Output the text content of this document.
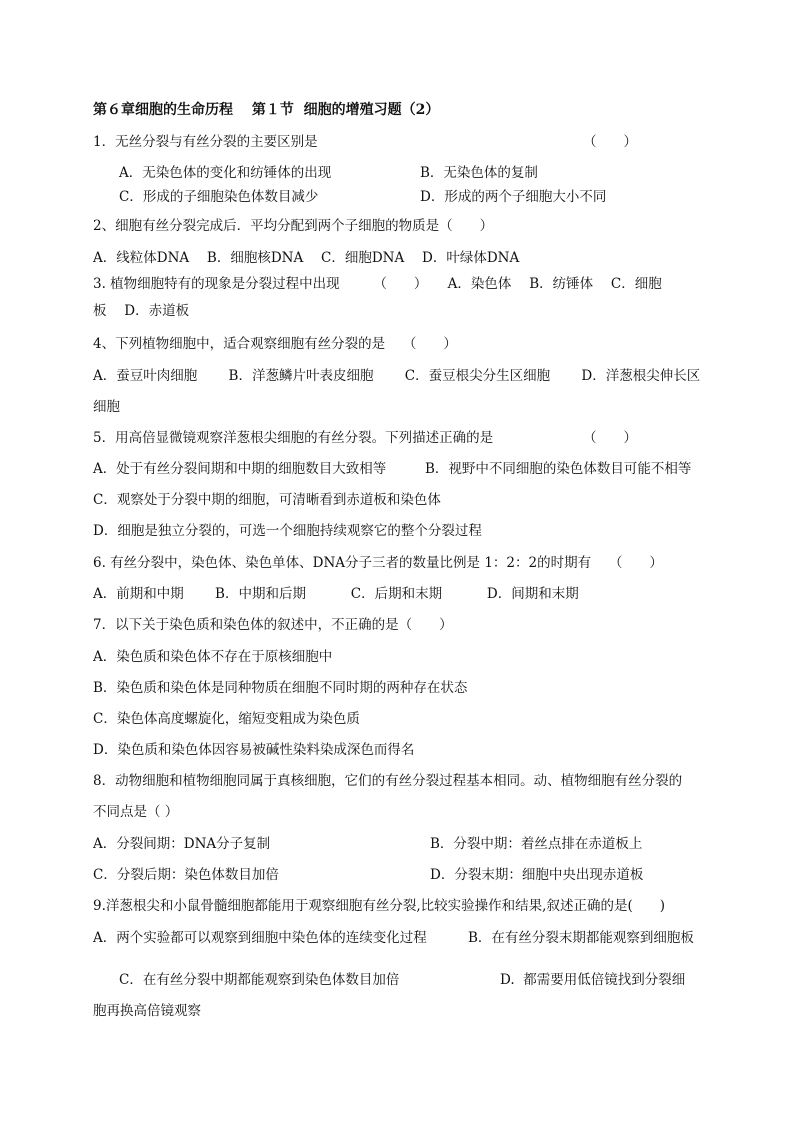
第６章细胞的生命历程　 第１节  细胞的增殖习题（2）
1．无丝分裂与有丝分裂的主要区别是	（　　）
A．无染色体的变化和纺锤体的出现	B．无染色体的复制
C．形成的子细胞染色体数目减少	D．形成的两个子细胞大小不同
2、细胞有丝分裂完成后．平均分配到两个子细胞的物质是（　　）
A．线粒体DNA　 B．细胞核DNA　 C．细胞DNA　 D．叶绿体DNA
3. 植物细胞特有的现象是分裂过程中出现　　　（　　）　　A．染色体　 B．纺锤体　 C．细胞
板　 D．赤道板
4、下列植物细胞中，适合观察细胞有丝分裂的是　 （　　）
A．蚕豆叶肉细胞　　 B．洋葱鳞片叶表皮细胞　　 C．蚕豆根尖分生区细胞　　 D．洋葱根尖伸长区
细胞
5．用高倍显微镜观察洋葱根尖细胞的有丝分裂。下列描述正确的是	（　　）
A．处于有丝分裂间期和中期的细胞数目大致相等	B．视野中不同细胞的染色体数目可能不相等
C．观察处于分裂中期的细胞，可清晰看到赤道板和染色体
D．细胞是独立分裂的，可选一个细胞持续观察它的整个分裂过程
6. 有丝分裂中，染色体、染色单体、DNA分子三者的数量比例是 1：2：2的时期有　 （　　）
A．前期和中期　　 B．中期和后期　　　 C．后期和末期　　　 D．间期和末期
7．以下关于染色质和染色体的叙述中，不正确的是（　　）
A．染色质和染色体不存在于原核细胞中
B．染色质和染色体是同种物质在细胞不同时期的两种存在状态
C．染色体高度螺旋化，缩短变粗成为染色质
D．染色质和染色体因容易被碱性染料染成深色而得名
8．动物细胞和植物细胞同属于真核细胞，它们的有丝分裂过程基本相同。动、植物细胞有丝分裂的
不同点是（ ）
A．分裂间期：DNA分子复制	B．分裂中期：着丝点排在赤道板上
C．分裂后期：染色体数目加倍	D．分裂末期：细胞中央出现赤道板
9.洋葱根尖和小鼠骨髓细胞都能用于观察细胞有丝分裂,比较实验操作和结果,叙述正确的是(　　)
A．两个实验都可以观察到细胞中染色体的连续变化过程	B．在有丝分裂末期都能观察到细胞板
C．在有丝分裂中期都能观察到染色体数目加倍	D.  都需要用低倍镜找到分裂细
胞再换高倍镜观察
